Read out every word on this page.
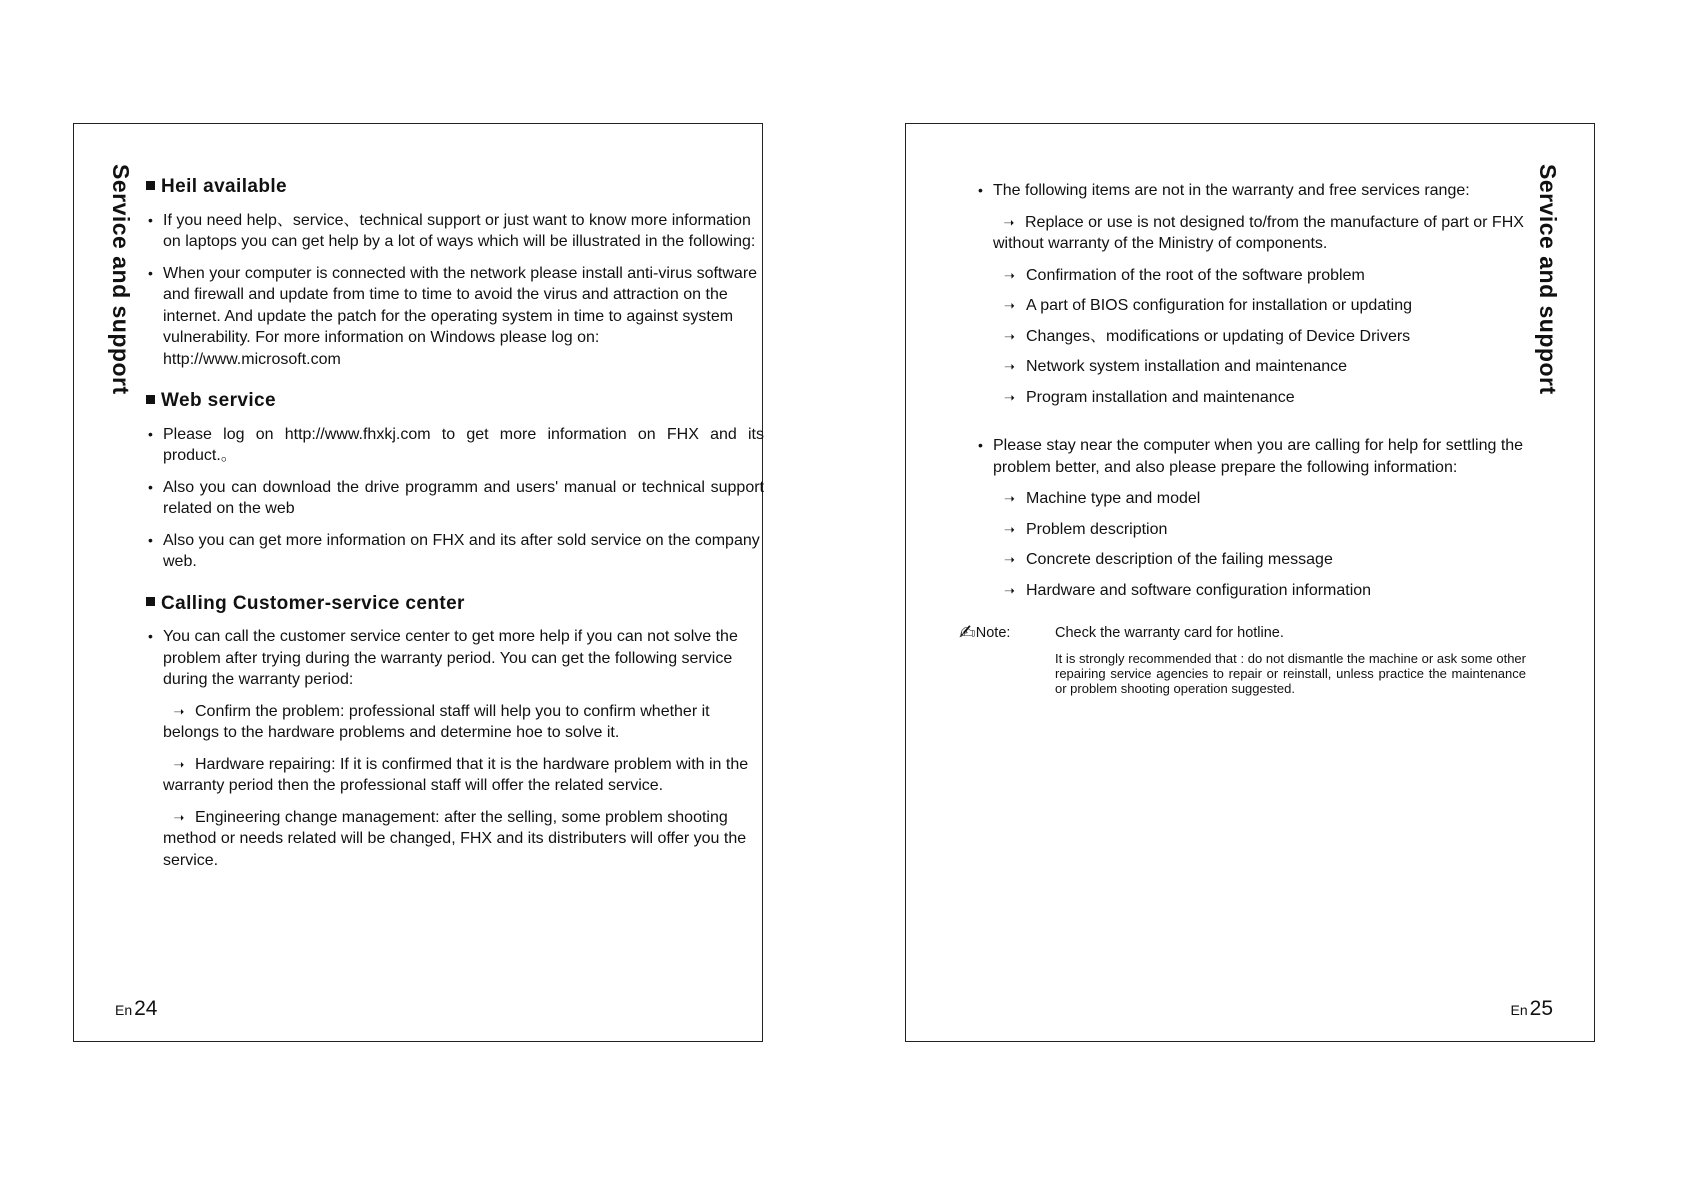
Service and support	Heil available
• If you need help、service、technical support or just want to know more information on laptops you can get help by a lot of ways which will be illustrated in the following:
• When your computer is connected with the network please install anti-virus software and firewall and update from time to time to avoid the virus and attraction on the internet. And update the patch for the operating system in time to against system vulnerability. For more information on Windows please log on: http://www.microsoft.com
Web service
• Please log on http://www.fhxkj.com to get more information on FHX and its product.。
• Also you can download the drive programm and users' manual or technical support related on the web
• Also you can get more information on FHX and its after sold service on the company web.
Calling Customer-service center
• You can call the customer service center to get more help if you can not solve the problem after trying during the warranty period. You can get the following service during the warranty period:
➝ Confirm the problem: professional staff will help you to confirm whether it belongs to the hardware problems and determine hoe to solve it.
➝ Hardware repairing: If it is confirmed that it is the hardware problem with in the warranty period then the professional staff will offer the related service.
➝ Engineering change management: after the selling, some problem shooting method or needs related will be changed, FHX and its distributers will offer you the service.
En24
Service and support
• The following items are not in the warranty and free services range:
➝ Replace or use is not designed to/from the manufacture of part or FHX without warranty of the Ministry of components.
➝ Confirmation of the root of the software problem
➝ A part of BIOS configuration for installation or updating
➝ Changes、modifications or updating of Device Drivers
➝ Network system installation and maintenance
➝ Program installation and maintenance
• Please stay near the computer when you are calling for help for settling the problem better, and also please prepare the following information:
➝ Machine type and model
➝ Problem description
➝ Concrete description of the failing message
➝ Hardware and software configuration information
✍Note:	Check the warranty card for hotline.
It is strongly recommended that : do not dismantle the machine or ask some other repairing service agencies to repair or reinstall, unless practice the maintenance or problem shooting operation suggested.
En25
